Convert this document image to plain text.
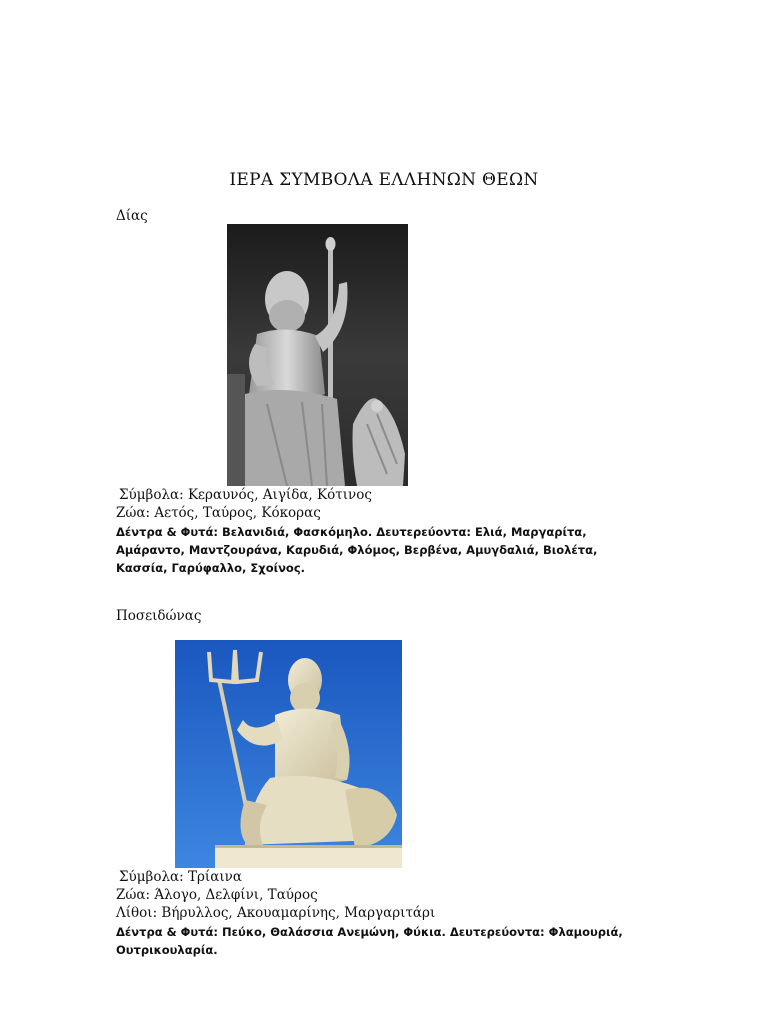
ΙΕΡΑ ΣΥΜΒΟΛΑ ΕΛΛΗΝΩΝ ΘΕΩΝ
Δίας
Σύμβολα: Κεραυνός, Αιγίδα, Κότινος
Ζώα: Αετός, Ταύρος, Κόκορας
Δέντρα & Φυτά: Βελανιδιά, Φασκόμηλο. Δευτερεύοντα: Ελιά, Μαργαρίτα, Αμάραντο, Μαντζουράνα, Καρυδιά, Φλόμος, Βερβένα, Αμυγδαλιά, Βιολέτα, Κασσία, Γαρύφαλλο, Σχοίνος.
Ποσειδώνας
Σύμβολα: Τρίαινα
Ζώα: Άλογο, Δελφίνι, Ταύρος
Λίθοι: Βήρυλλος, Ακουαμαρίνης, Μαργαριτάρι
Δέντρα & Φυτά: Πεύκο, Θαλάσσια Ανεμώνη, Φύκια. Δευτερεύοντα: Φλαμουριά, Ουτρικουλαρία.
